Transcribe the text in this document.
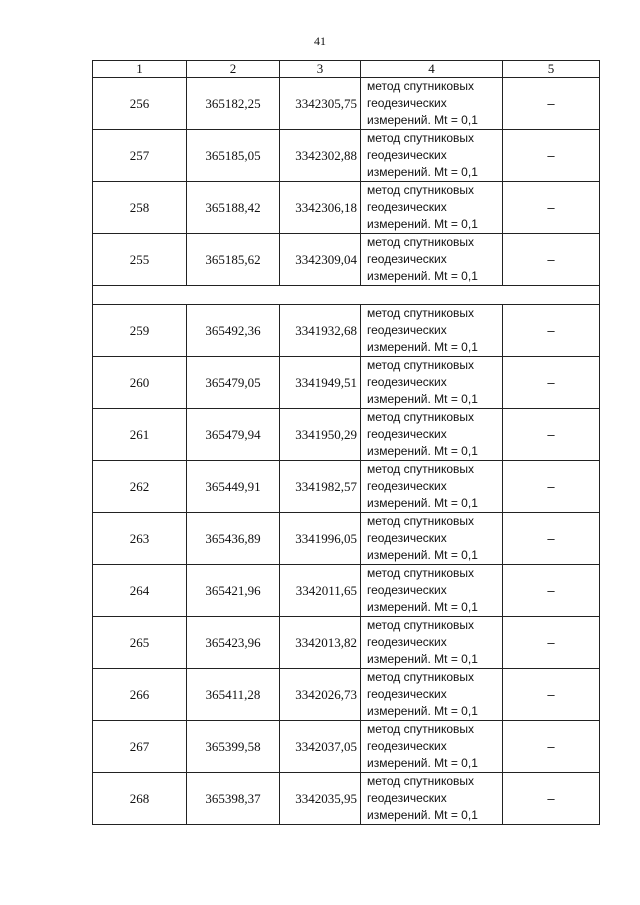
41
1	2	3	4	5
256	365182,25	3342305,75	метод спутниковых
геодезических
измерений. Mt = 0,1	–
257	365185,05	3342302,88	метод спутниковых
геодезических
измерений. Mt = 0,1	–
258	365188,42	3342306,18	метод спутниковых
геодезических
измерений. Mt = 0,1	–
255	365185,62	3342309,04	метод спутниковых
геодезических
измерений. Mt = 0,1	–

259	365492,36	3341932,68	метод спутниковых
геодезических
измерений. Mt = 0,1	–
260	365479,05	3341949,51	метод спутниковых
геодезических
измерений. Mt = 0,1	–
261	365479,94	3341950,29	метод спутниковых
геодезических
измерений. Mt = 0,1	–
262	365449,91	3341982,57	метод спутниковых
геодезических
измерений. Mt = 0,1	–
263	365436,89	3341996,05	метод спутниковых
геодезических
измерений. Mt = 0,1	–
264	365421,96	3342011,65	метод спутниковых
геодезических
измерений. Mt = 0,1	–
265	365423,96	3342013,82	метод спутниковых
геодезических
измерений. Mt = 0,1	–
266	365411,28	3342026,73	метод спутниковых
геодезических
измерений. Mt = 0,1	–
267	365399,58	3342037,05	метод спутниковых
геодезических
измерений. Mt = 0,1	–
268	365398,37	3342035,95	метод спутниковых
геодезических
измерений. Mt = 0,1	–
